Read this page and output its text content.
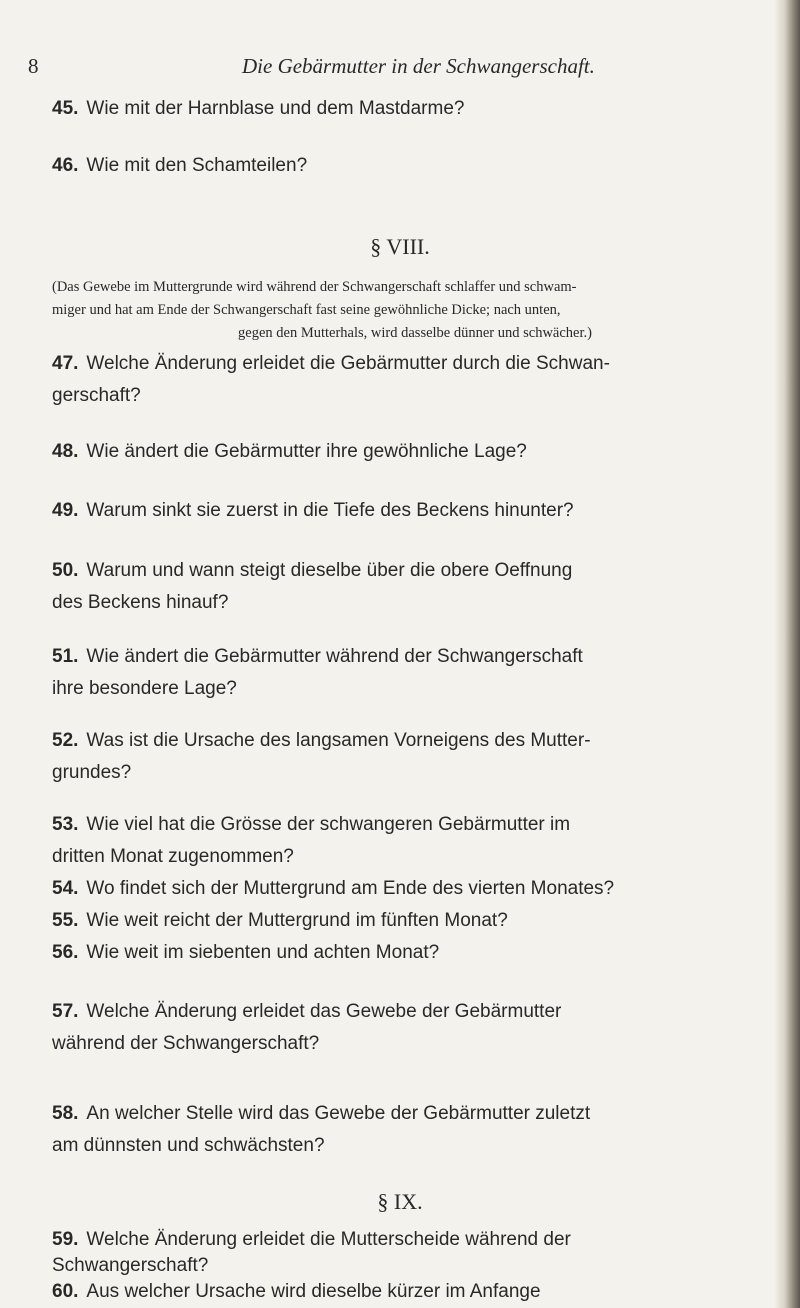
8	Die Gebärmutter in der Schwangerschaft.
45. Wie mit der Harnblase und dem Mastdarme?
46. Wie mit den Schamteilen?
§ VIII.
(Das Gewebe im Muttergrunde wird während der Schwangerschaft schlaffer und schwam-
miger und hat am Ende der Schwangerschaft fast seine gewöhnliche Dicke; nach unten,
gegen den Mutterhals, wird dasselbe dünner und schwächer.)
47. Welche Änderung erleidet die Gebärmutter durch die Schwan-
gerschaft?
48. Wie ändert die Gebärmutter ihre gewöhnliche Lage?
49. Warum sinkt sie zuerst in die Tiefe des Beckens hinunter?
50. Warum und wann steigt dieselbe über die obere Oeffnung
des Beckens hinauf?
51. Wie ändert die Gebärmutter während der Schwangerschaft
ihre besondere Lage?
52. Was ist die Ursache des langsamen Vorneigens des Mutter-
grundes?
53. Wie viel hat die Grösse der schwangeren Gebärmutter im
dritten Monat zugenommen?
54. Wo findet sich der Muttergrund am Ende des vierten Monates?
55. Wie weit reicht der Muttergrund im fünften Monat?
56. Wie weit im siebenten und achten Monat?
57. Welche Änderung erleidet das Gewebe der Gebärmutter
während der Schwangerschaft?
58. An welcher Stelle wird das Gewebe der Gebärmutter zuletzt
am dünnsten und schwächsten?
§ IX.
59. Welche Änderung erleidet die Mutterscheide während der
Schwangerschaft?
60. Aus welcher Ursache wird dieselbe kürzer im Anfange
